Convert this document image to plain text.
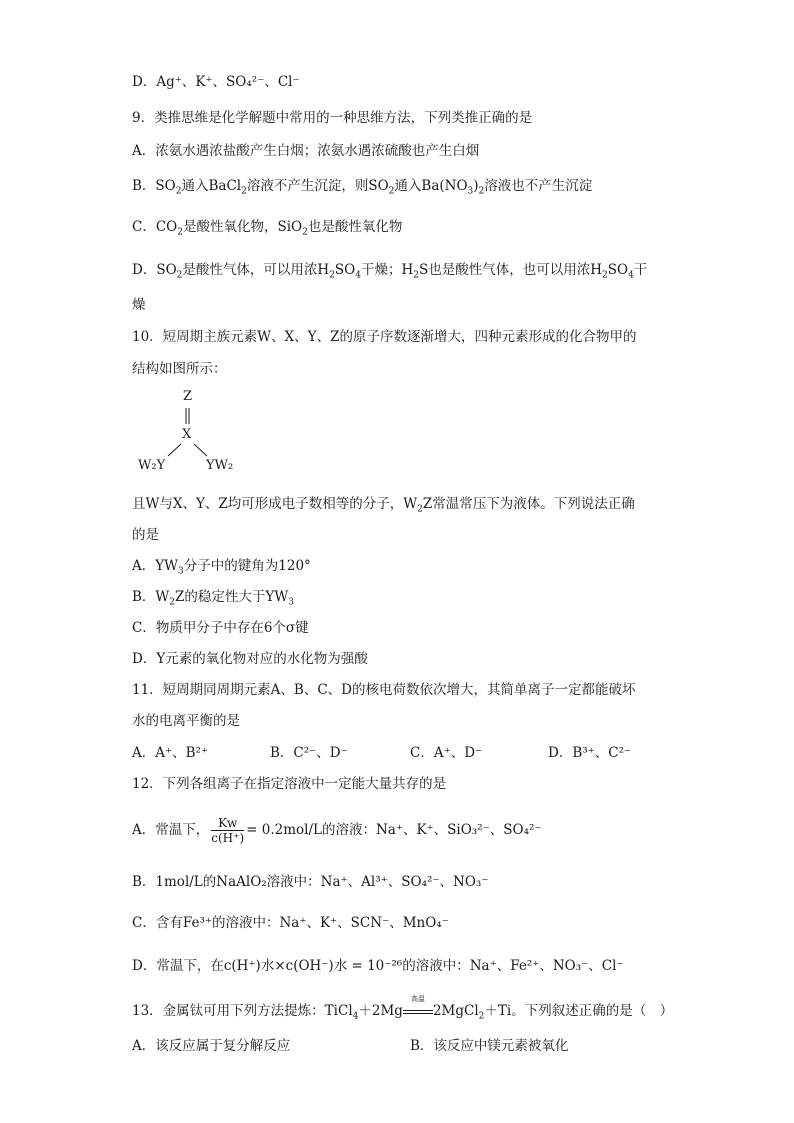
D．Ag⁺、K⁺、SO₄²⁻、Cl⁻
9．类推思维是化学解题中常用的一种思维方法，下列类推正确的是
A．浓氨水遇浓盐酸产生白烟；浓氨水遇浓硫酸也产生白烟
B．$SO_2$通入BaCl$_2$溶液不产生沉淀，则$SO_2$通入$Ba(NO_3)_2$溶液也不产生沉淀
C．$CO_2$是酸性氧化物，SiO$_2$也是酸性氧化物
D．$SO_2$是酸性气体，可以用浓$H_2SO_4$干燥；$H_2S$也是酸性气体，也可以用浓$H_2SO_4$干
燥
10．短周期主族元素W、X、Y、Z的原子序数逐渐增大，四种元素形成的化合物甲的
结构如图所示：
Z
X
W₂Y	YW₂
且W与X、Y、Z均可形成电子数相等的分子，$W_2Z$常温常压下为液体。下列说法正确
的是
A．$YW_3$分子中的键角为120°
B．$W_2Z$的稳定性大于$YW_3$
C．物质甲分子中存在6个σ键
D．Y元素的氧化物对应的水化物为强酸
11．短周期同周期元素A、B、C、D的核电荷数依次增大，其简单离子一定都能破坏
水的电离平衡的是
A．A⁺、B²⁺	B．C²⁻、D⁻	C．A⁺、D⁻	D．B³⁺、C²⁻
12．下列各组离子在指定溶液中一定能大量共存的是
A．常温下， $\frac{Kw}{c(H^+)} = 0.2mol/L$的溶液：Na⁺、K⁺、SiO₃²⁻、SO₄²⁻
B．1mol/L的NaAlO₂溶液中：Na⁺、Al³⁺、SO₄²⁻、NO₃⁻
C．含有Fe³⁺的溶液中：Na⁺、K⁺、SCN⁻、MnO₄⁻
D．常温下，在c(H⁺)水×c(OH⁻)水 = 10⁻²⁶的溶液中：Na⁺、Fe²⁺、NO₃⁻、Cl⁻
13．金属钛可用下列方法提炼：TiCl$_4$＋2Mg
高温
2MgCl$_2$＋Ti。下列叙述正确的是（　）
A．该反应属于复分解反应	B．该反应中镁元素被氧化
